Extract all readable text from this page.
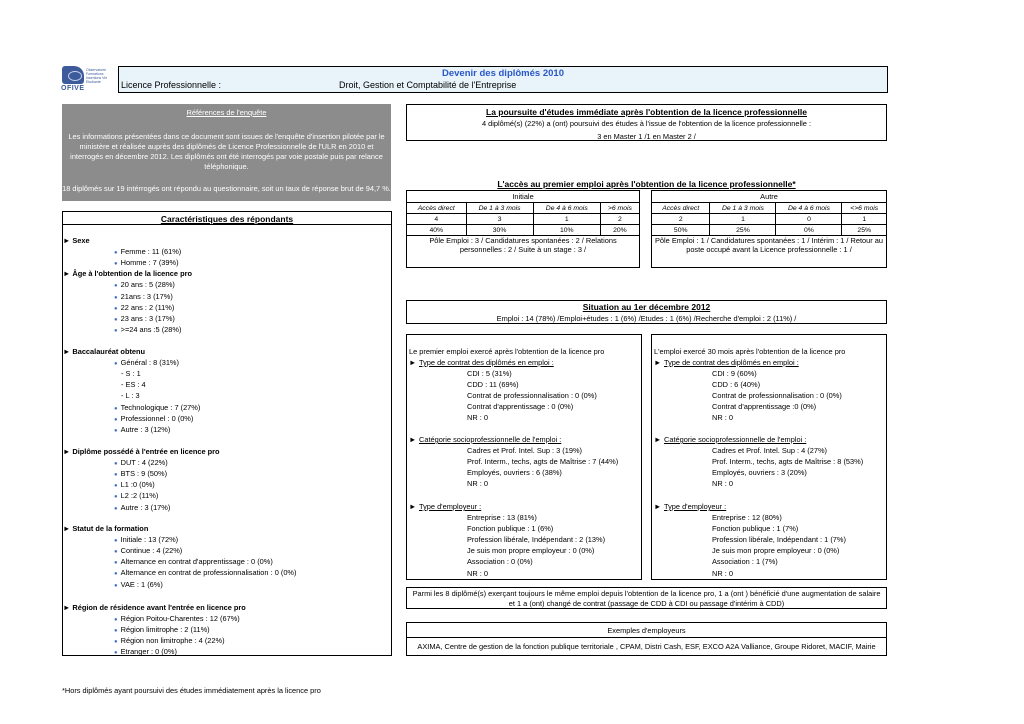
Observatoire Formations Insertions Vie Etudiante
OFIVE
Devenir des diplômés 2010
Licence Professionnelle :	Droit, Gestion et Comptabilité de l'Entreprise
Références de l'enquête
Les informations présentées dans ce document sont issues de l'enquête d'insertion pilotée par le ministère et réalisée auprès des diplômés de Licence Professionnelle de l'ULR en 2010 et interrogés en décembre 2012. Les diplômés ont été interrogés par voie postale puis par relance téléphonique.
18 diplômés sur 19 intérrogés ont répondu au questionnaire, soit un taux de réponse brut de 94,7 %.
Caractéristiques des répondants
► Sexe
● Femme : 11 (61%)
● Homme : 7 (39%)
► Âge à l'obtention de la licence pro
● 20 ans : 5 (28%)
● 21ans : 3 (17%)
● 22 ans : 2 (11%)
● 23 ans : 3 (17%)
● >=24 ans :5 (28%)
► Baccalauréat obtenu
● Général : 8 (31%)
- S : 1
- ES : 4
- L : 3
● Technologique : 7 (27%)
● Professionnel : 0 (0%)
● Autre : 3 (12%)
► Diplôme possédé à l'entrée en licence pro
● DUT : 4 (22%)
● BTS : 9 (50%)
● L1 :0 (0%)
● L2 :2 (11%)
● Autre : 3 (17%)
► Statut de la formation
● Initiale : 13 (72%)
● Continue : 4 (22%)
● Alternance en contrat d'apprentissage : 0 (0%)
● Alternance en contrat de professionnalisation : 0 (0%)
● VAE : 1 (6%)
► Région de résidence avant l'entrée en licence pro
● Région Poitou-Charentes : 12 (67%)
● Région limitrophe : 2 (11%)
● Région non limitrophe : 4 (22%)
● Etranger : 0 (0%)
La poursuite d'études immédiate après l'obtention de la licence professionnelle
4 diplômé(s) (22%) a (ont) poursuivi des études à l'issue de l'obtention de la licence professionnelle :
3 en Master 1 /1 en Master 2 /
L'accès au premier emploi après l'obtention de la licence professionnelle*
Initiale
Accès direct	De 1 à 3 mois	De 4 à 6 mois	>6 mois
4	3	1	2
40%	30%	10%	20%
Pôle Emploi : 3 / Candidatures spontanées : 2 / Relations personnelles : 2 / Suite à un stage : 3 /
Autre
Accès direct	De 1 à 3 mois	De 4 à 6 mois	<>6 mois
2	1	0	1
50%	25%	0%	25%
Pôle Emploi : 1 / Candidatures spontanées : 1 / Intérim : 1 / Retour au poste occupé avant la Licence professionnelle : 1 /
Situation au 1er décembre 2012
Emploi : 14 (78%) /Emploi+études : 1 (6%) /Etudes : 1 (6%) /Recherche d'emploi : 2 (11%) /
Le premier emploi exercé après l'obtention de la licence pro
► Type de contrat des diplômés en emploi :
CDI : 5 (31%)
CDD : 11 (69%)
Contrat de professionnalisation : 0 (0%)
Contrat d'apprentissage : 0 (0%)
NR : 0
► Catégorie socioprofessionnelle de l'emploi :
Cadres et Prof. Intel. Sup : 3 (19%)
Prof. Interm., techs, agts de Maîtrise : 7 (44%)
Employés, ouvriers : 6 (38%)
NR : 0
► Type d'employeur :
Entreprise : 13 (81%)
Fonction publique : 1 (6%)
Profession libérale, Indépendant : 2 (13%)
Je suis mon propre employeur : 0 (0%)
Association : 0 (0%)
NR : 0
L'emploi exercé 30 mois après l'obtention de la licence pro
► Type de contrat des diplômés en emploi :
CDI : 9 (60%)
CDD : 6 (40%)
Contrat de professionnalisation : 0 (0%)
Contrat d'apprentissage :0 (0%)
NR : 0
► Catégorie socioprofessionnelle de l'emploi :
Cadres et Prof. Intel. Sup : 4 (27%)
Prof. Interm., techs, agts de Maîtrise : 8 (53%)
Employés, ouvriers : 3 (20%)
NR : 0
► Type d'employeur :
Entreprise : 12 (80%)
Fonction publique : 1 (7%)
Profession libérale, Indépendant : 1 (7%)
Je suis mon propre employeur : 0 (0%)
Association : 1 (7%)
NR : 0
Parmi les 8 diplômé(s) exerçant toujours le même emploi depuis l'obtention de la licence pro, 1 a (ont ) bénéficié d'une augmentation de salaire et 1 a (ont) changé de contrat (passage de CDD à CDI ou passage d'intérim à CDD)
Exemples d'employeurs
AXIMA, Centre de gestion de la fonction publique territoriale , CPAM, Distri Cash, ESF, EXCO A2A Valliance, Groupe Ridoret, MACIF, Mairie
*Hors diplômés ayant poursuivi des études immédiatement après la licence pro
